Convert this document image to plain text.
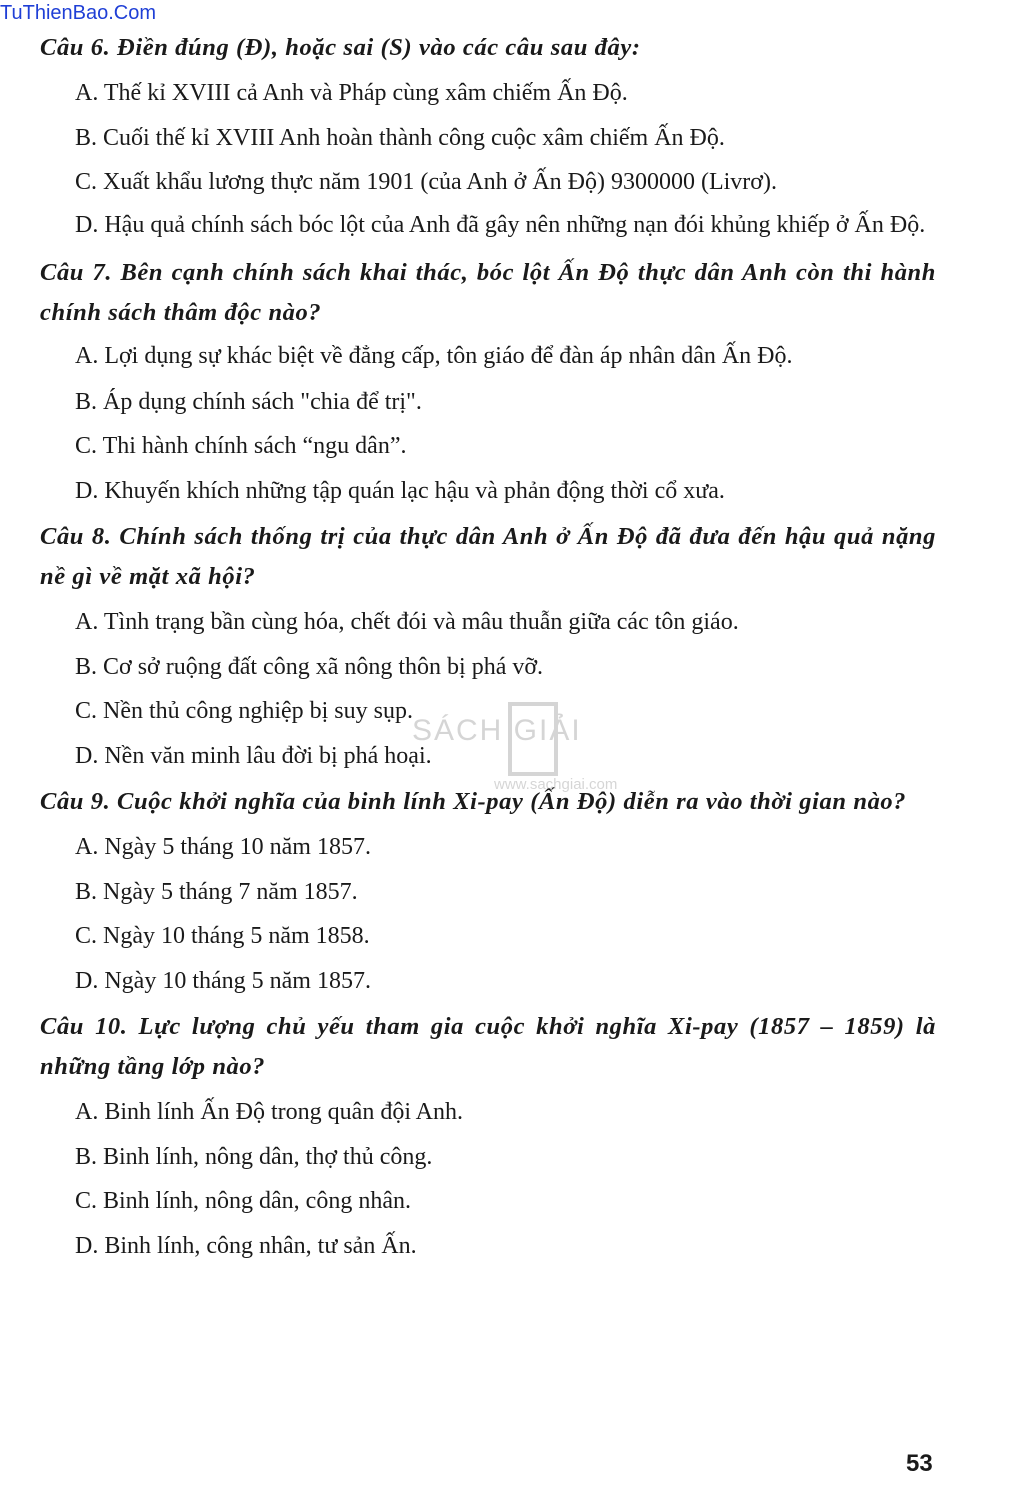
TuThienBao.Com

Câu 6. Điền đúng (Đ), hoặc sai (S) vào các câu sau đây:

A. Thế kỉ XVIII cả Anh và Pháp cùng xâm chiếm Ấn Độ.
B. Cuối thế kỉ XVIII Anh hoàn thành công cuộc xâm chiếm Ấn Độ.
C. Xuất khẩu lương thực năm 1901 (của Anh ở Ấn Độ) 9300000 (Livrơ).
D. Hậu quả chính sách bóc lột của Anh đã gây nên những nạn đói khủng khiếp ở Ấn Độ.

Câu 7. Bên cạnh chính sách khai thác, bóc lột Ấn Độ thực dân Anh còn thi hành chính sách thâm độc nào?

A. Lợi dụng sự khác biệt về đẳng cấp, tôn giáo để đàn áp nhân dân Ấn Độ.
B. Áp dụng chính sách "chia để trị".
C. Thi hành chính sách “ngu dân”.
D. Khuyến khích những tập quán lạc hậu và phản động thời cổ xưa.

Câu 8. Chính sách thống trị của thực dân Anh ở Ấn Độ đã đưa đến hậu quả nặng nề gì về mặt xã hội?

A. Tình trạng bần cùng hóa, chết đói và mâu thuẫn giữa các tôn giáo.
B. Cơ sở ruộng đất công xã nông thôn bị phá vỡ.
C. Nền thủ công nghiệp bị suy sụp.
D. Nền văn minh lâu đời bị phá hoại.

Câu 9. Cuộc khởi nghĩa của binh lính Xi-pay (Ấn Độ) diễn ra vào thời gian nào?

A. Ngày 5 tháng 10 năm 1857.
B. Ngày 5 tháng 7 năm 1857.
C. Ngày 10 tháng 5 năm 1858.
D. Ngày 10 tháng 5 năm 1857.

Câu 10. Lực lượng chủ yếu tham gia cuộc khởi nghĩa Xi-pay (1857 – 1859) là những tầng lớp nào?

A. Binh lính Ấn Độ trong quân đội Anh.
B. Binh lính, nông dân, thợ thủ công.
C. Binh lính, nông dân, công nhân.
D. Binh lính, công nhân, tư sản Ấn.
SÁCH GIẢI
www.sachgiai.com
53
